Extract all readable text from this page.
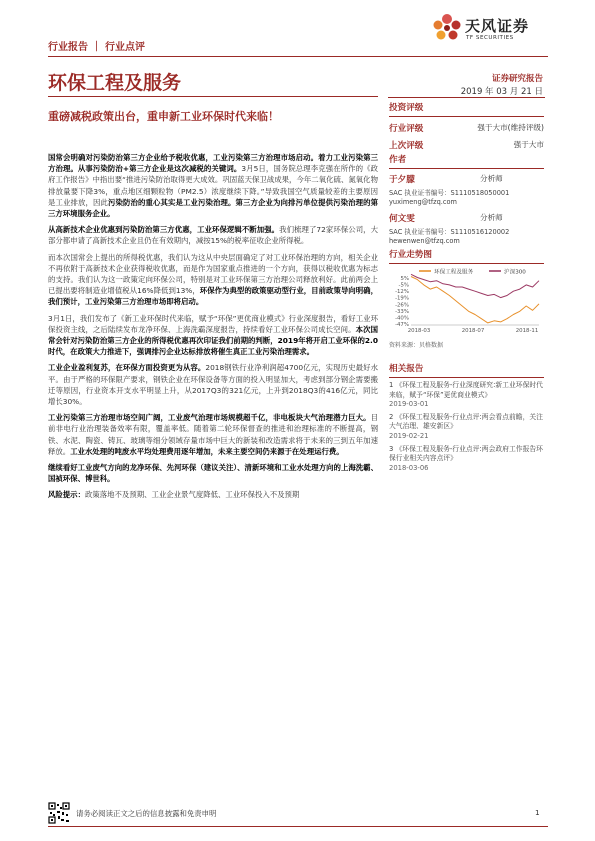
天风证券
TF SECURITIES
行业报告 ｜ 行业点评
环保工程及服务	证券研究报告
2019 年 03 月 21 日
重磅减税政策出台，重申新工业环保时代来临！
投资评级
行业评级	强于大市(维持评级)
上次评级	强于大市
作者
于夕朦	分析师
SAC 执业证书编号：S1110518050001
yuximeng@tfzq.com
何文雯	分析师
SAC 执业证书编号：S1110516120002
hewenwen@tfzq.com
行业走势图
环保工程及服务	沪深300
5%
-5%
-12%
-19%
-26%
-33%
-40%
-47%
2018-03	2018-07	2018-11
资料来源：贝格数据
相关报告
1 《环保工程及服务-行业深度研究:新工业环保时代来临，赋予“环保”更优商业模式》
2019-03-01
2 《环保工程及服务-行业点评:两会看点前瞻，关注大气治理、雄安新区》
2019-02-21
3 《环保工程及服务-行业点评:两会政府工作报告环保行业相关内容点评》
2018-03-06
国常会明确对污染防治第三方企业给予税收优惠，工业污染第三方治理市场启动。着力工业污染第三方治理。从事污染防治+第三方企业是这次减税的关键词。3月5日，国务院总理李克强在所作的《政府工作报告》中指出要“推进污染防治取得更大成效。巩固蓝天保卫战成果，今年二氧化硫、氮氧化物排放量要下降3%，重点地区细颗粒物（PM2.5）浓度继续下降。”导致我国空气质量较差的主要原因是工业排放，因此污染防治的重心其实是工业污染治理。第三方企业为向排污单位提供污染治理的第三方环境服务企业。
从高新技术企业优惠到污染防治第三方优惠，工业环保逻辑不断加强。我们梳理了72家环保公司，大部分都申请了高新技术企业且仍在有效期内，减按15%的税率征收企业所得税。
而本次国常会上提出的所得税优惠，我们认为这从中央层面确定了对工业环保治理的方向，相关企业不再依附于高新技术企业获得税收优惠，而是作为国家重点推进的一个方向，获得以税收优惠为标志的支持。我们认为这一政策定向环保公司，特别是对工业环保第三方治理公司释放利好。此前两会上已提出要将制造业增值税从16%降低到13%，环保作为典型的政策驱动型行业，目前政策导向明确，我们预计，工业污染第三方治理市场即将启动。
3月1日，我们发布了《新工业环保时代来临，赋予“环保”更优商业模式》行业深度报告，看好工业环保投资主线，之后陆续发布龙净环保、上海洗霸深度报告，持续看好工业环保公司成长空间。本次国常会针对污染防治第三方企业的所得税优惠再次印证我们前期的判断，2019年将开启工业环保的2.0时代，在政策大力推进下，强调排污企业达标排放将催生真正工业污染治理需求。
工业企业盈利复苏，在环保方面投资更为从容。2018钢铁行业净利润超4700亿元，实现历史最好水平。由于严格的环保限产要求，钢铁企业在环保设备等方面的投入明显加大，考虑到部分钢企需要搬迁等原因，行业资本开支水平明显上升，从2017Q3的321亿元，上升到2018Q3的416亿元，同比增长30%。
工业污染第三方治理市场空间广阔，工业废气治理市场规模超千亿，非电板块大气治理潜力巨大。目前非电行业治理装备效率有限，覆盖率低。随着第二轮环保督查的推进和治理标准的不断提高，钢铁、水泥、陶瓷、铸瓦、玻璃等细分领域存量市场中巨大的新装和改造需求将于未来的三到五年加速释放。工业水处理的吨废水平均处理费用逐年增加，未来主要空间仍来源于在处理运行费。
继续看好工业废气方向的龙净环保、先河环保（建议关注）、清新环境和工业水处理方向的上海洗霸、国祯环保、博世科。
风险提示：政策落地不及预期、工业企业景气度降低、工业环保投入不及预期
请务必阅读正文之后的信息披露和免责申明	1
